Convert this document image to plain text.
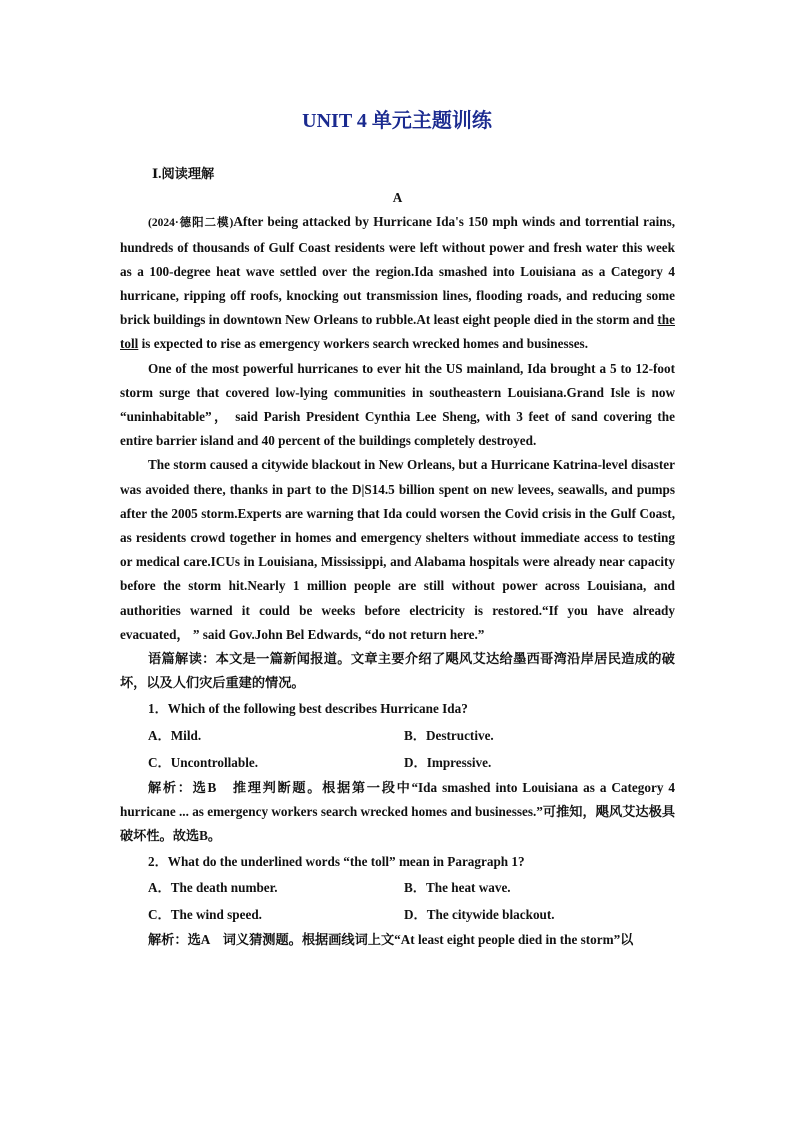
UNIT 4 单元主题训练

Ⅰ.阅读理解

A

(2024·德阳二模)After being attacked by Hurricane Ida's 150 mph winds and torrential rains, hundreds of thousands of Gulf Coast residents were left without power and fresh water this week as a 100-degree heat wave settled over the region.Ida smashed into Louisiana as a Category 4 hurricane, ripping off roofs, knocking out transmission lines, flooding roads, and reducing some brick buildings in downtown New Orleans to rubble.At least eight people died in the storm and the toll is expected to rise as emergency workers search wrecked homes and businesses.

One of the most powerful hurricanes to ever hit the US mainland, Ida brought a 5 to 12-foot storm surge that covered low-lying communities in southeastern Louisiana.Grand Isle is now “uninhabitable”， said Parish President Cynthia Lee Sheng, with 3 feet of sand covering the entire barrier island and 40 percent of the buildings completely destroyed.

The storm caused a citywide blackout in New Orleans, but a Hurricane Katrina-level disaster was avoided there, thanks in part to the D|S14.5 billion spent on new levees, seawalls, and pumps after the 2005 storm.Experts are warning that Ida could worsen the Covid crisis in the Gulf Coast, as residents crowd together in homes and emergency shelters without immediate access to testing or medical care.ICUs in Louisiana, Mississippi, and Alabama hospitals were already near capacity before the storm hit.Nearly 1 million people are still without power across Louisiana, and authorities warned it could be weeks before electricity is restored.“If you have already evacuated， ” said Gov.John Bel Edwards, “do not return here.”

语篇解读：本文是一篇新闻报道。文章主要介绍了飓风艾达给墨西哥湾沿岸居民造成的破坏，以及人们灾后重建的情况。

1．Which of the following best describes Hurricane Ida?

A．Mild.	B．Destructive.
C．Uncontrollable.	D．Impressive.

解析：选B　推理判断题。根据第一段中“Ida smashed into Louisiana as a Category 4 hurricane ... as emergency workers search wrecked homes and businesses.”可推知，飓风艾达极具破坏性。故选B。

2．What do the underlined words “the toll” mean in Paragraph 1?

A．The death number.	B．The heat wave.
C．The wind speed.	D．The citywide blackout.

解析：选A　词义猜测题。根据画线词上文“At least eight people died in the storm”以
